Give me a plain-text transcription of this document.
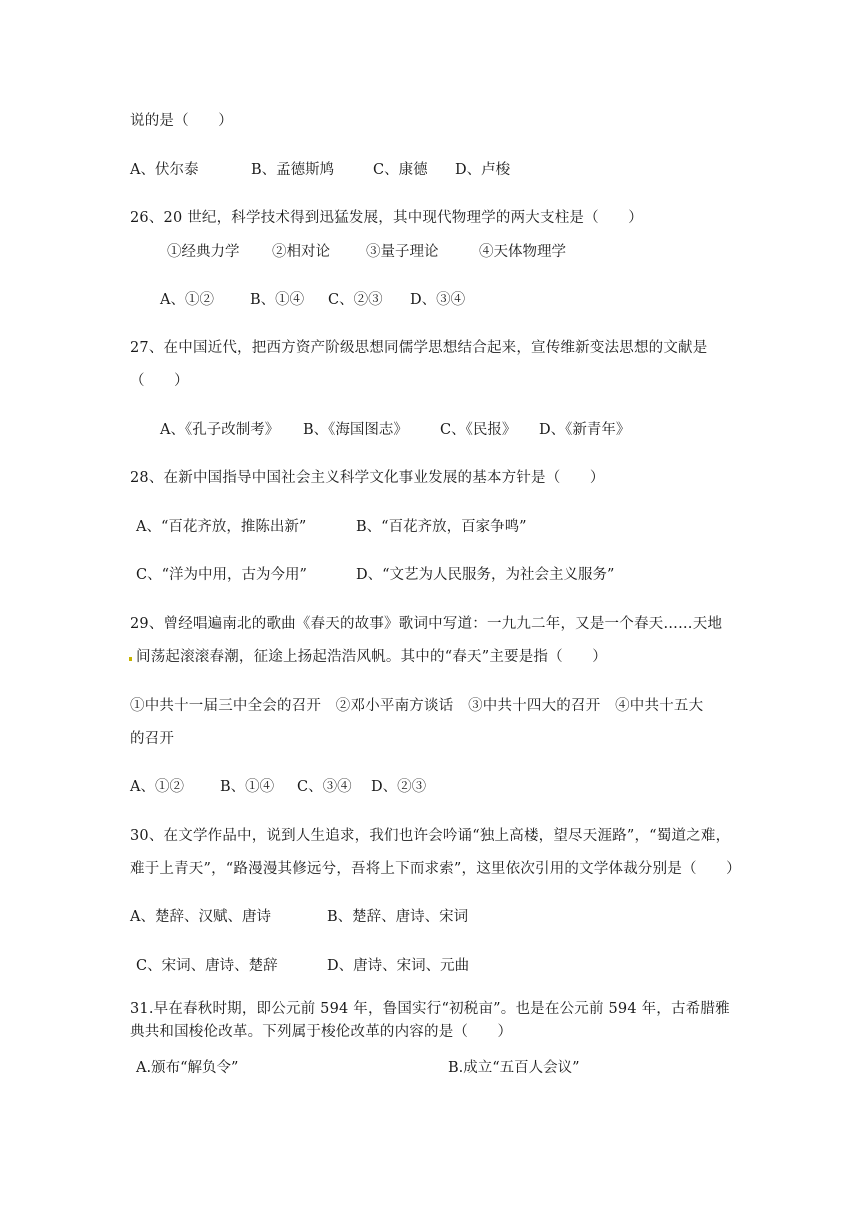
说的是（　　）
A、伏尔泰	B、孟德斯鸠	C、康德 D、卢梭
26、20 世纪，科学技术得到迅猛发展，其中现代物理学的两大支柱是（　　）
①经典力学 ②相对论 ③量子理论	④天体物理学
A、①② B、①④ C、②③ D、③④
27、在中国近代，把西方资产阶级思想同儒学思想结合起来，宣传维新变法思想的文献是
（　　）
A、《孔子改制考》 B、《海国图志》 C、《民报》 D、《新青年》
28、在新中国指导中国社会主义科学文化事业发展的基本方针是（　　）
A、“百花齐放，推陈出新”	B、“百花齐放，百家争鸣”
C、“洋为中用，古为今用”	D、“文艺为人民服务，为社会主义服务”
29、曾经唱遍南北的歌曲《春天的故事》歌词中写道：一九九二年，又是一个春天……天地
间荡起滚滚春潮，征途上扬起浩浩风帆。其中的“春天”主要是指（　　）
①中共十一届三中全会的召开　②邓小平南方谈话　③中共十四大的召开　④中共十五大
的召开
A、①② B、①④ C、③④ D、②③
30、在文学作品中，说到人生追求，我们也许会吟诵“独上高楼，望尽天涯路”，“蜀道之难，
难于上青天”，“路漫漫其修远兮，吾将上下而求索”，这里依次引用的文学体裁分别是（　　）
A、楚辞、汉赋、唐诗	B、楚辞、唐诗、宋词
C、宋词、唐诗、楚辞	D、唐诗、宋词、元曲
31.早在春秋时期，即公元前 594 年，鲁国实行“初税亩”。也是在公元前 594 年，古希腊雅
典共和国梭伦改革。下列属于梭伦改革的内容的是（　　）
A.颁布“解负令”	B.成立“五百人会议”
